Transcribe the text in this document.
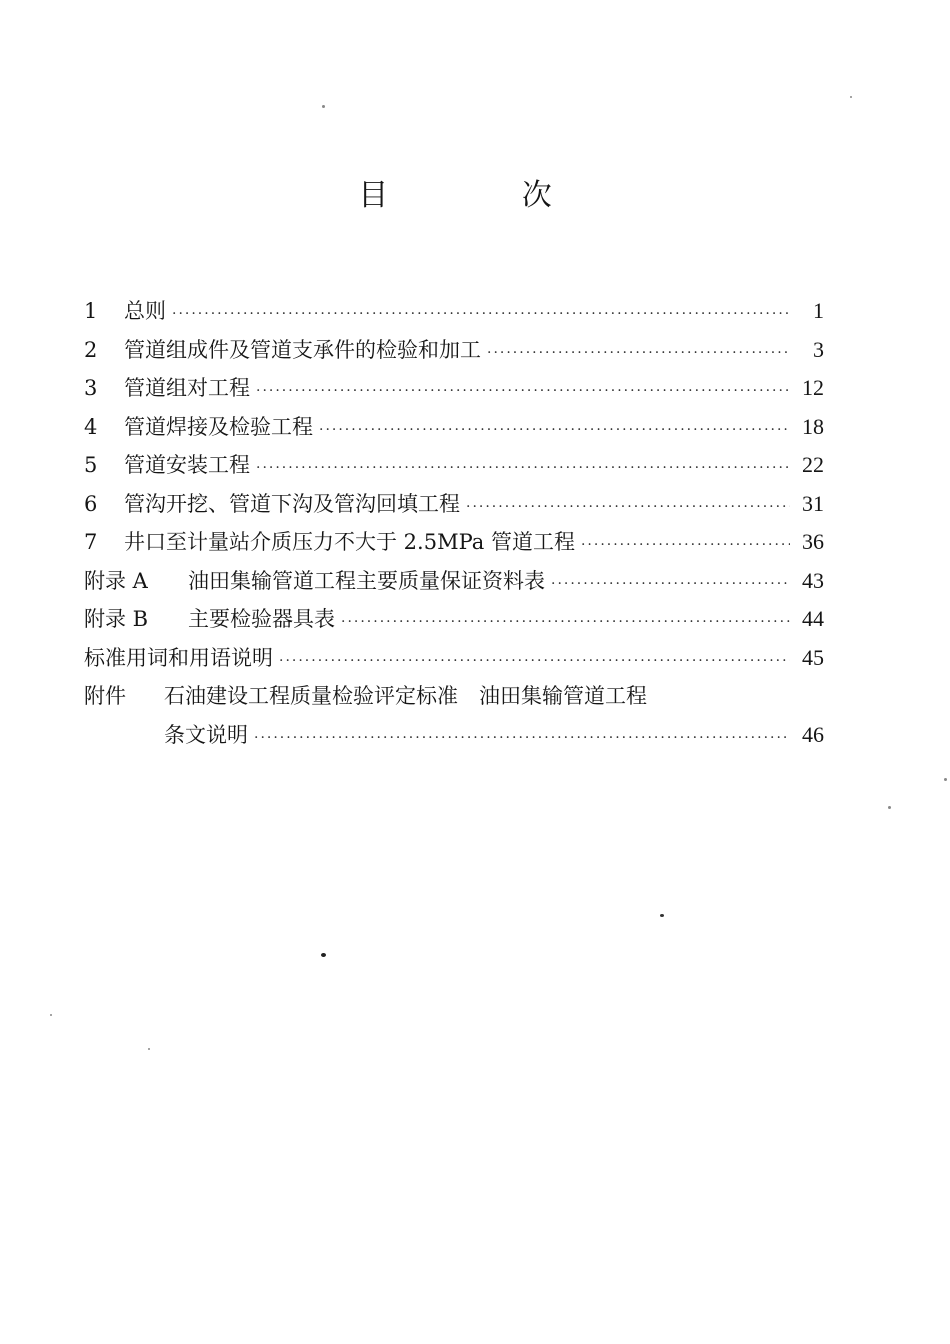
目 次
1	总则 ·····	1
2	管道组成件及管道支承件的检验和加工 ·····	3
3	管道组对工程 ·····	12
4	管道焊接及检验工程 ·····	18
5	管道安装工程 ·····	22
6	管沟开挖、管道下沟及管沟回填工程 ·····	31
7	井口至计量站介质压力不大于 2.5MPa 管道工程 ·····	36
附录 A	油田集输管道工程主要质量保证资料表 ·····	43
附录 B	主要检验器具表 ·····	44
标准用词和用语说明 ·····	45
附件	石油建设工程质量检验评定标准　油田集输管道工程
条文说明 ·····	46
